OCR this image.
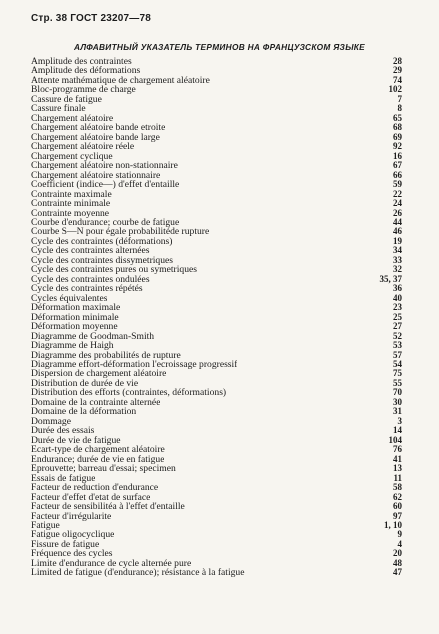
Стр. 38 ГОСТ 23207—78
АЛФАВИТНЫЙ УКАЗАТЕЛЬ ТЕРМИНОВ НА ФРАНЦУЗСКОМ ЯЗЫКЕ
Amplitude des contraintes	28
Amplitude des déformations	29
Attente mathématique de chargement aléatoire	74
Bloc-programme de charge	102
Cassure de fatigue	7
Cassure finale	8
Chargement aléatoire	65
Chargement aléatoire bande etroite	68
Chargement aléatoire bande large	69
Chargement aléatoire réele	92
Chargement cyclique	16
Chargement aléatoire non-stationnaire	67
Chargement aléatoire stationnaire	66
Coefficient (indice—) d'effet d'entaille	59
Contrainte maximale	22
Contrainte minimale	24
Contrainte moyenne	26
Courbe d'endurance; courbe de fatigue	44
Courbe S—N pour égale probabilitéde rupture	46
Cycle des contraintes (déformations)	19
Cycle des contraintes alternées	34
Cycle des contraintes dissymetriques	33
Cycle des contraintes pures ou symetriques	32
Cycle des contraintes ondulées	35, 37
Cycle des contraintes répétés	36
Cycles équivalentes	40
Déformation maximale	23
Déformation minimale	25
Déformation moyenne	27
Diagramme de Goodman-Smith	52
Diagramme de Haigh	53
Diagramme des probabilités de rupture	57
Diagramme effort-déformation l'ecroissage progressif	54
Dispersion de chargement aléatoire	75
Distribution de durée de vie	55
Distribution des efforts (contraintes, déformations)	70
Domaine de la contrainte alternée	30
Domaine de la déformation	31
Dommage	3
Durée des essais	14
Durée de vie de fatigue	104
Ecart-type de chargement aléatoire	76
Endurance; durée de vie en fatigue	41
Éprouvette; barreau d'essai; specimen	13
Essais de fatigue	11
Facteur de reduction d'endurance	58
Facteur d'effet d'etat de surface	62
Facteur de sensibilitéa à l'effet d'entaille	60
Facteur d'irrégularite	97
Fatigue	1, 10
Fatigue oligocyclique	9
Fissure de fatigue	4
Fréquence des cycles	20
Limite d'endurance de cycle alternée pure	48
Limited de fatigue (d'endurance); résistance à la fatigue	47
